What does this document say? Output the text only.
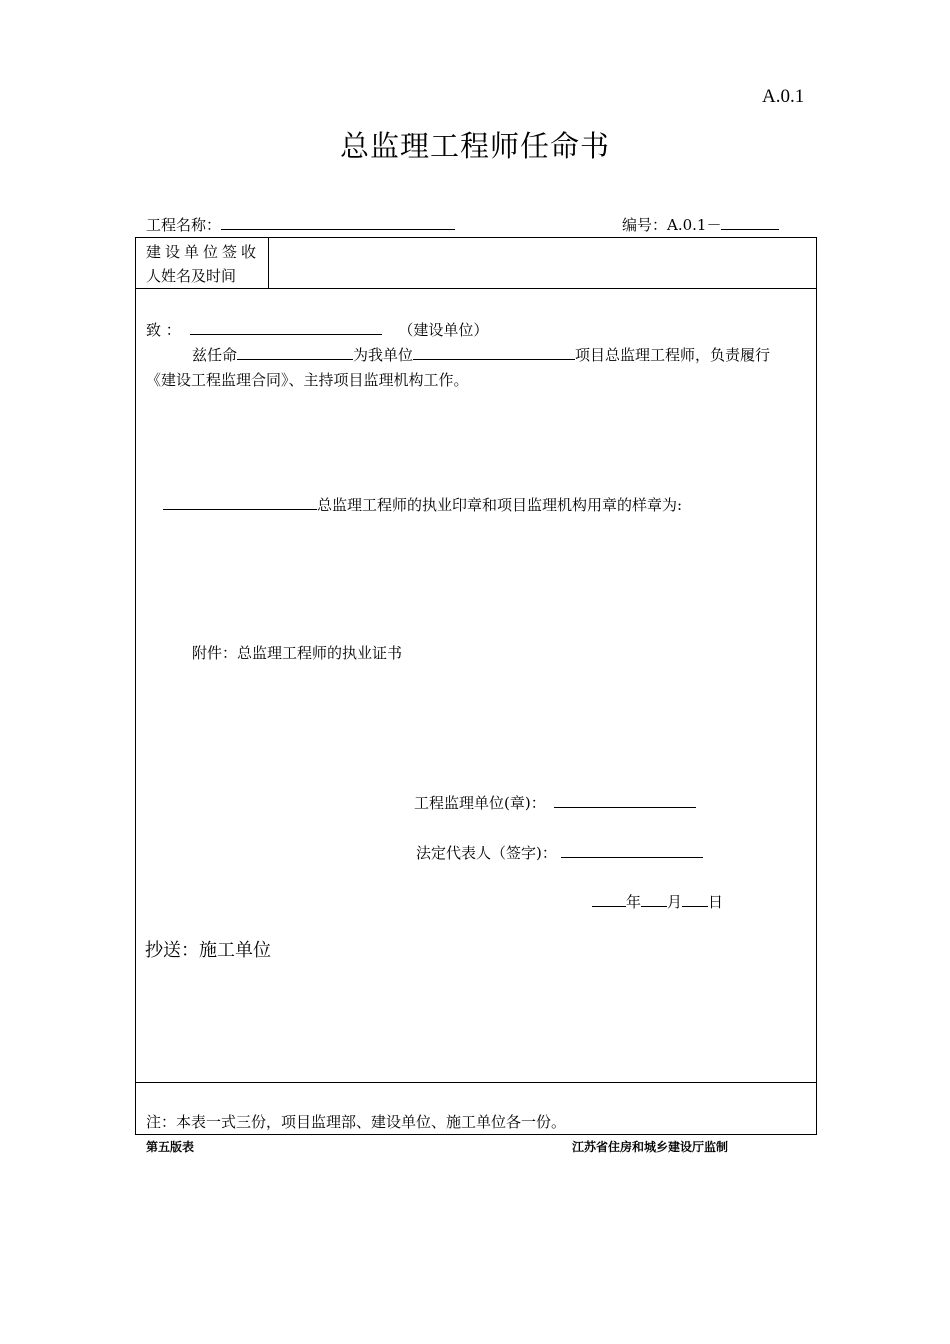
A.0.1
总监理工程师任命书
工程名称：	编号：A.0.1－
建设单位签收
人姓名及时间
致 ：	（建设单位）
兹任命	为我单位	项目总监理工程师，负责履行
《建设工程监理合同》、主持项目监理机构工作。
总监理工程师的执业印章和项目监理机构用章的样章为:
附件：总监理工程师的执业证书
工程监理单位(章)：
法定代表人（签字)：
年 月 日
抄送：施工单位
注：本表一式三份，项目监理部、建设单位、施工单位各一份。
第五版表	江苏省住房和城乡建设厅监制
